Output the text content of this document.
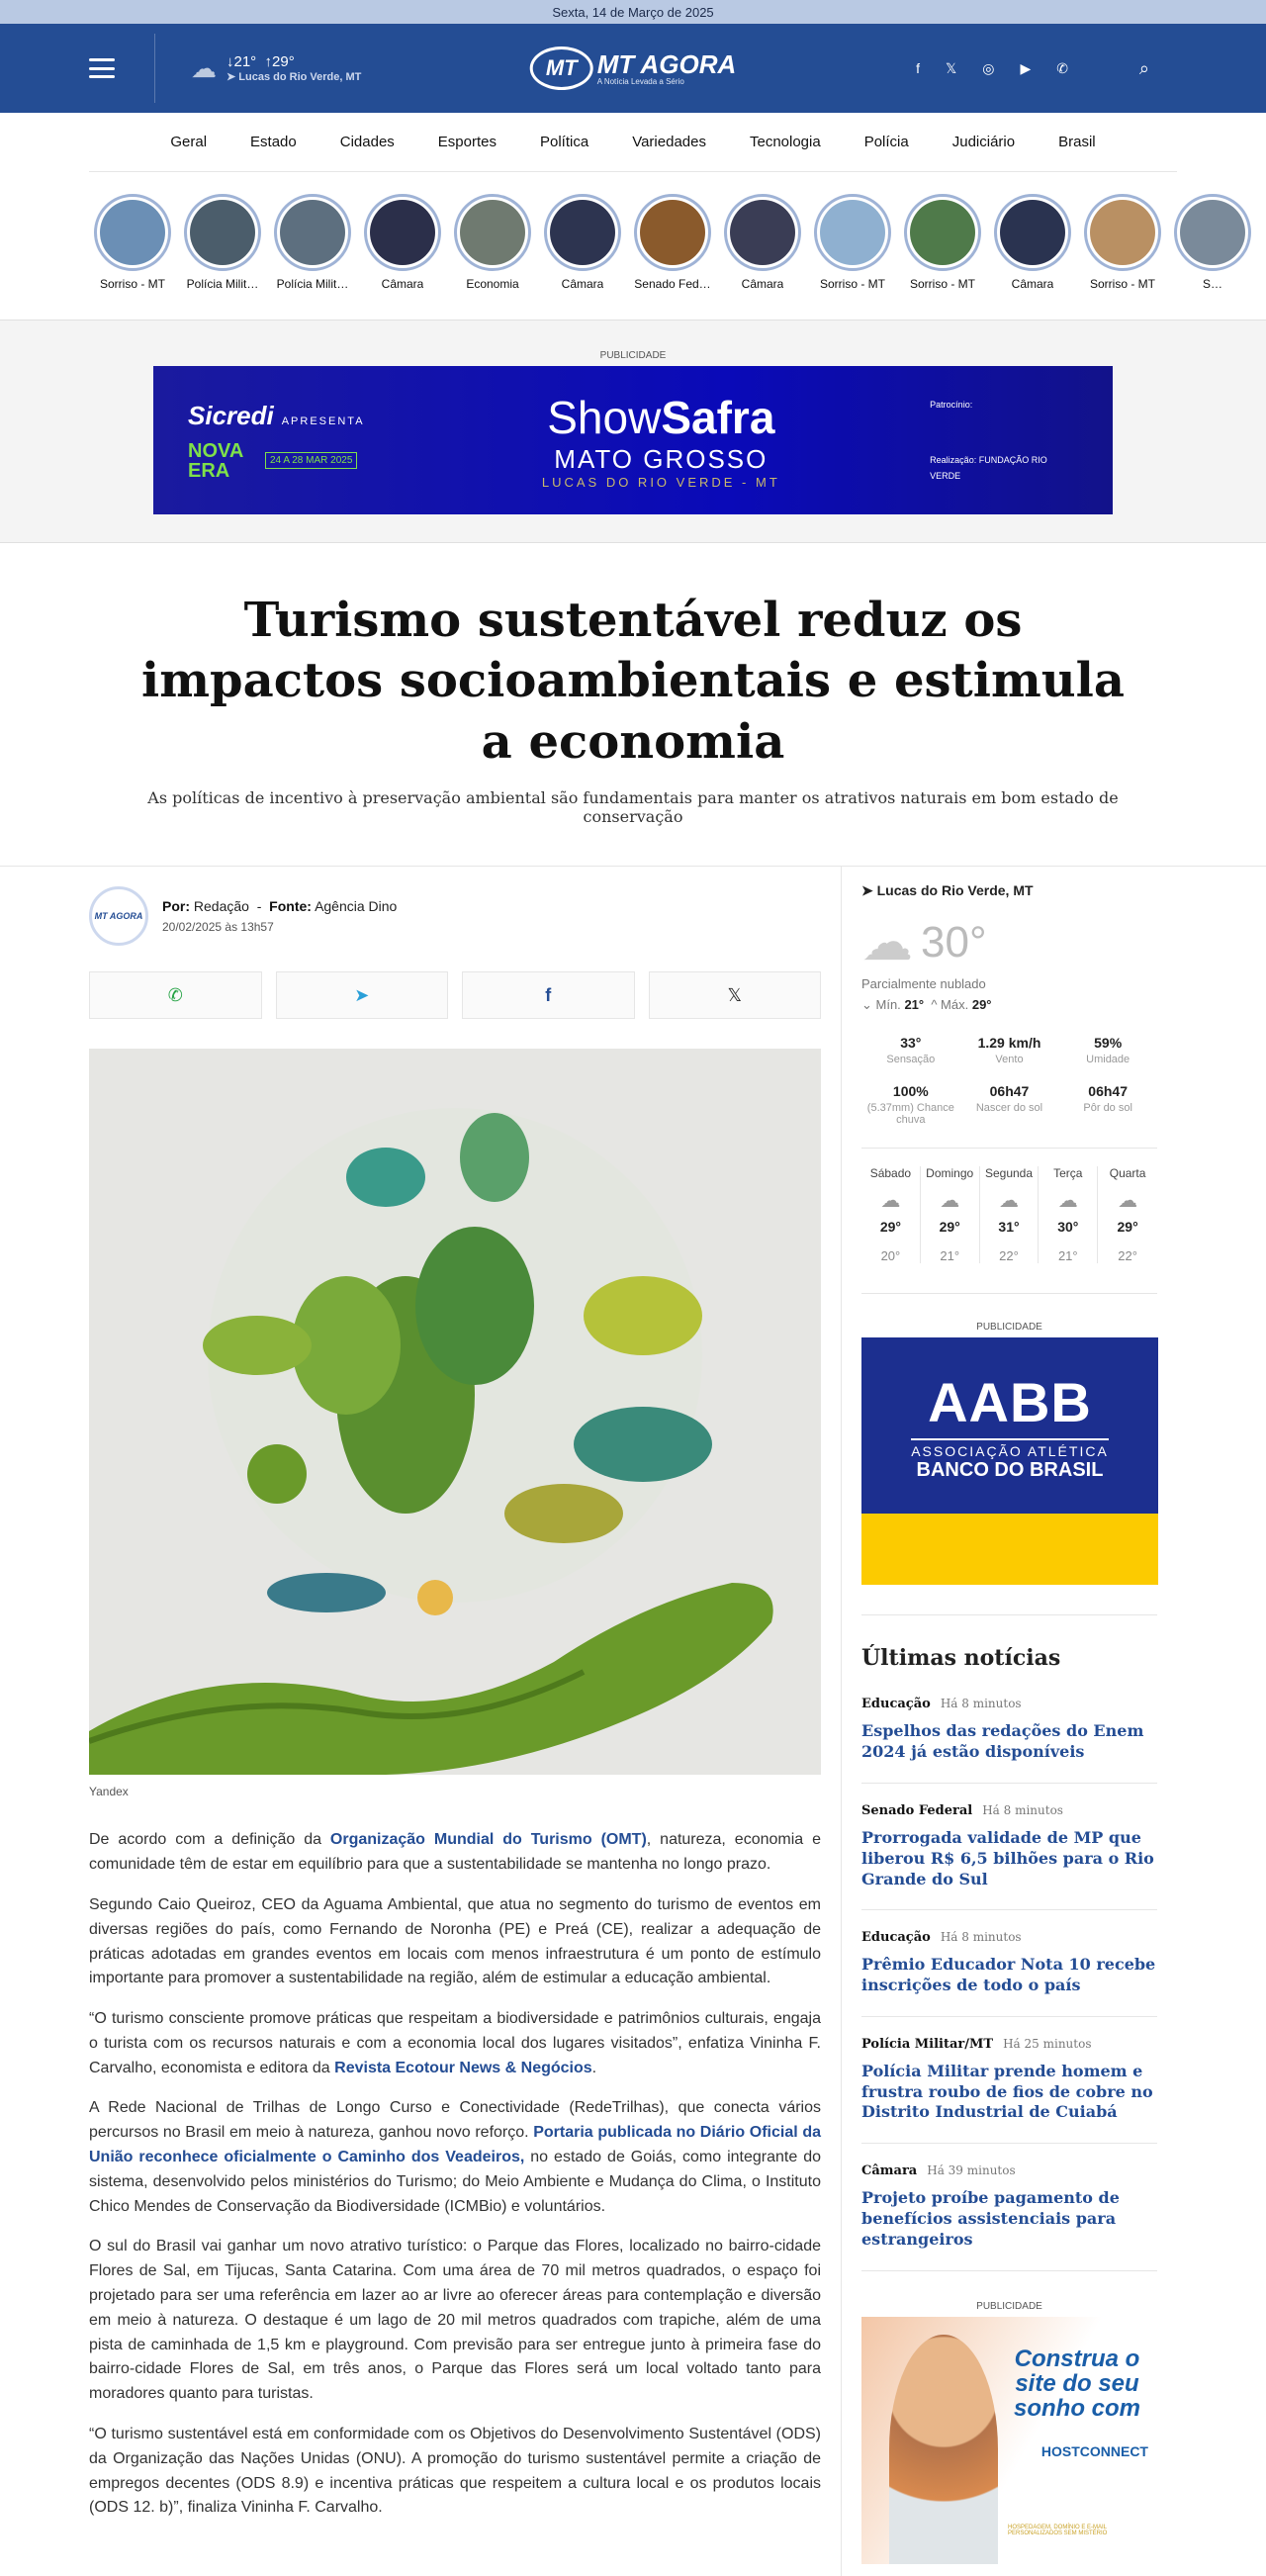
Sexta, 14 de Março de 2025
☁ ↓21°  ↑29°
➤ Lucas do Rio Verde, MT	MT MT AGORA
A Notícia Levada a Sério
f 𝕏 ◎ ▶ ✆	⌕
Geral	Estado	Cidades	Esportes	Política	Variedades	Tecnologia	Polícia	Judiciário	Brasil
Sorriso - MT Polícia Milit… Polícia Milit…	Câmara	Economia	Câmara	Senado Fed…	Câmara	Sorriso - MT Sorriso - MT	Câmara	Sorriso - MT	S…
PUBLICIDADE
Sicredi APRESENTA
NOVA ERA	24 A 28 MAR 2025
ShowSafra
MATO GROSSO
LUCAS DO RIO VERDE - MT
Patrocínio:
Realização: FUNDAÇÃO RIO VERDE
Turismo sustentável reduz os impactos socioambientais e estimula a economia

As políticas de incentivo à preservação ambiental são fundamentais para manter os atrativos naturais em bom estado de conservação

MT AGORA
Por: Redação  -  Fonte: Agência Dino
20/02/2025 às 13h57
✆	➤	f	𝕏
Yandex

De acordo com a definição da Organização Mundial do Turismo (OMT), natureza, economia e comunidade têm de estar em equilíbrio para que a sustentabilidade se mantenha no longo prazo.

Segundo Caio Queiroz, CEO da Aguama Ambiental, que atua no segmento do turismo de eventos em diversas regiões do país, como Fernando de Noronha (PE) e Preá (CE), realizar a adequação de práticas adotadas em grandes eventos em locais com menos infraestrutura é um ponto de estímulo importante para promover a sustentabilidade na região, além de estimular a educação ambiental.

“O turismo consciente promove práticas que respeitam a biodiversidade e patrimônios culturais, engaja o turista com os recursos naturais e com a economia local dos lugares visitados”, enfatiza Vininha F. Carvalho, economista e editora da Revista Ecotour News & Negócios.

A Rede Nacional de Trilhas de Longo Curso e Conectividade (RedeTrilhas), que conecta vários percursos no Brasil em meio à natureza, ganhou novo reforço. Portaria publicada no Diário Oficial da União reconhece oficialmente o Caminho dos Veadeiros, no estado de Goiás, como integrante do sistema, desenvolvido pelos ministérios do Turismo; do Meio Ambiente e Mudança do Clima, o Instituto Chico Mendes de Conservação da Biodiversidade (ICMBio) e voluntários.

O sul do Brasil vai ganhar um novo atrativo turístico: o Parque das Flores, localizado no bairro-cidade Flores de Sal, em Tijucas, Santa Catarina. Com uma área de 70 mil metros quadrados, o espaço foi projetado para ser uma referência em lazer ao ar livre ao oferecer áreas para contemplação e diversão em meio à natureza. O destaque é um lago de 20 mil metros quadrados com trapiche, além de uma pista de caminhada de 1,5 km e playground. Com previsão para ser entregue junto à primeira fase do bairro-cidade Flores de Sal, em três anos, o Parque das Flores será um local voltado tanto para moradores quanto para turistas.

“O turismo sustentável está em conformidade com os Objetivos do Desenvolvimento Sustentável (ODS) da Organização das Nações Unidas (ONU). A promoção do turismo sustentável permite a criação de empregos decentes (ODS 8.9) e incentiva práticas que respeitem a cultura local e os produtos locais (ODS 12. b)”, finaliza Vininha F. Carvalho.

➤ Lucas do Rio Verde, MT
☁ 30°
Parcialmente nublado
⌄ Mín. 21°  ^ Máx. 29°
33°
Sensação
1.29 km/h
Vento
59%
Umidade
100%
(5.37mm) Chance chuva
06h47
Nascer do sol
06h47
Pôr do sol
Sábado
☁
29°
20°
Domingo
☁
29°
21°
Segunda
☁
31°
22°
Terça
☁
30°
21°
Quarta
☁
29°
22°
PUBLICIDADE
AABB
ASSOCIAÇÃO ATLÉTICA
BANCO DO BRASIL
Últimas notícias
Educação Há 8 minutos
Espelhos das redações do Enem 2024 já estão disponíveis
Senado Federal Há 8 minutos
Prorrogada validade de MP que liberou R$ 6,5 bilhões para o Rio Grande do Sul
Educação Há 8 minutos
Prêmio Educador Nota 10 recebe inscrições de todo o país
Polícia Militar/MT Há 25 minutos
Polícia Militar prende homem e frustra roubo de fios de cobre no Distrito Industrial de Cuiabá
Câmara Há 39 minutos
Projeto proíbe pagamento de benefícios assistenciais para estrangeiros
PUBLICIDADE
Construa o site do seu sonho com
HOSTCONNECT
HOSPEDAGEM, DOMÍNIO E E-MAIL PERSONALIZADOS SEM MISTÉRIO
